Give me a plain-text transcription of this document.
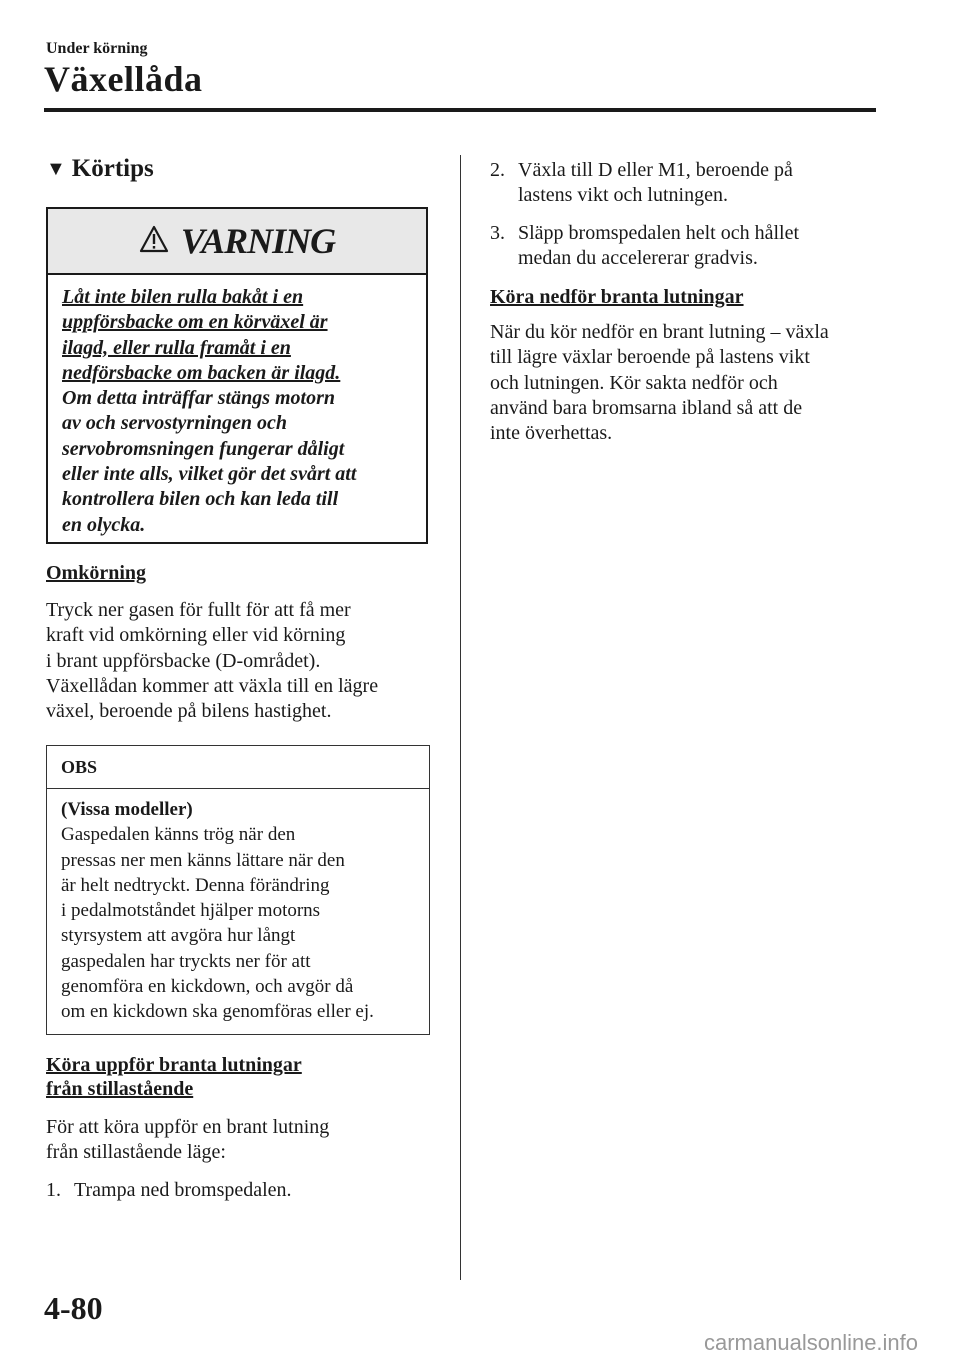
Under körning
Växellåda
▼ Körtips
VARNING
Låt inte bilen rulla bakåt i en
uppförsbacke om en körväxel är
ilagd, eller rulla framåt i en
nedförsbacke om backen är ilagd.
Om detta inträffar stängs motorn
av och servostyrningen och
servobromsningen fungerar dåligt
eller inte alls, vilket gör det svårt att
kontrollera bilen och kan leda till
en olycka.
Omkörning
Tryck ner gasen för fullt för att få mer
kraft vid omkörning eller vid körning
i brant uppförsbacke (D-området).
Växellådan kommer att växla till en lägre
växel, beroende på bilens hastighet.
OBS
(Vissa modeller)
Gaspedalen känns trög när den
pressas ner men känns lättare när den
är helt nedtryckt. Denna förändring
i pedalmotståndet hjälper motorns
styrsystem att avgöra hur långt
gaspedalen har tryckts ner för att
genomföra en kickdown, och avgör då
om en kickdown ska genomföras eller ej.
Köra uppför branta lutningar
från stillastående
För att köra uppför en brant lutning
från stillastående läge:
1. Trampa ned bromspedalen.
2. Växla till D eller M1, beroende på
lastens vikt och lutningen.
3. Släpp bromspedalen helt och hållet
medan du accelererar gradvis.
Köra nedför branta lutningar
När du kör nedför en brant lutning – växla
till lägre växlar beroende på lastens vikt
och lutningen. Kör sakta nedför och
använd bara bromsarna ibland så att de
inte överhettas.
4-80
carmanualsonline.info
